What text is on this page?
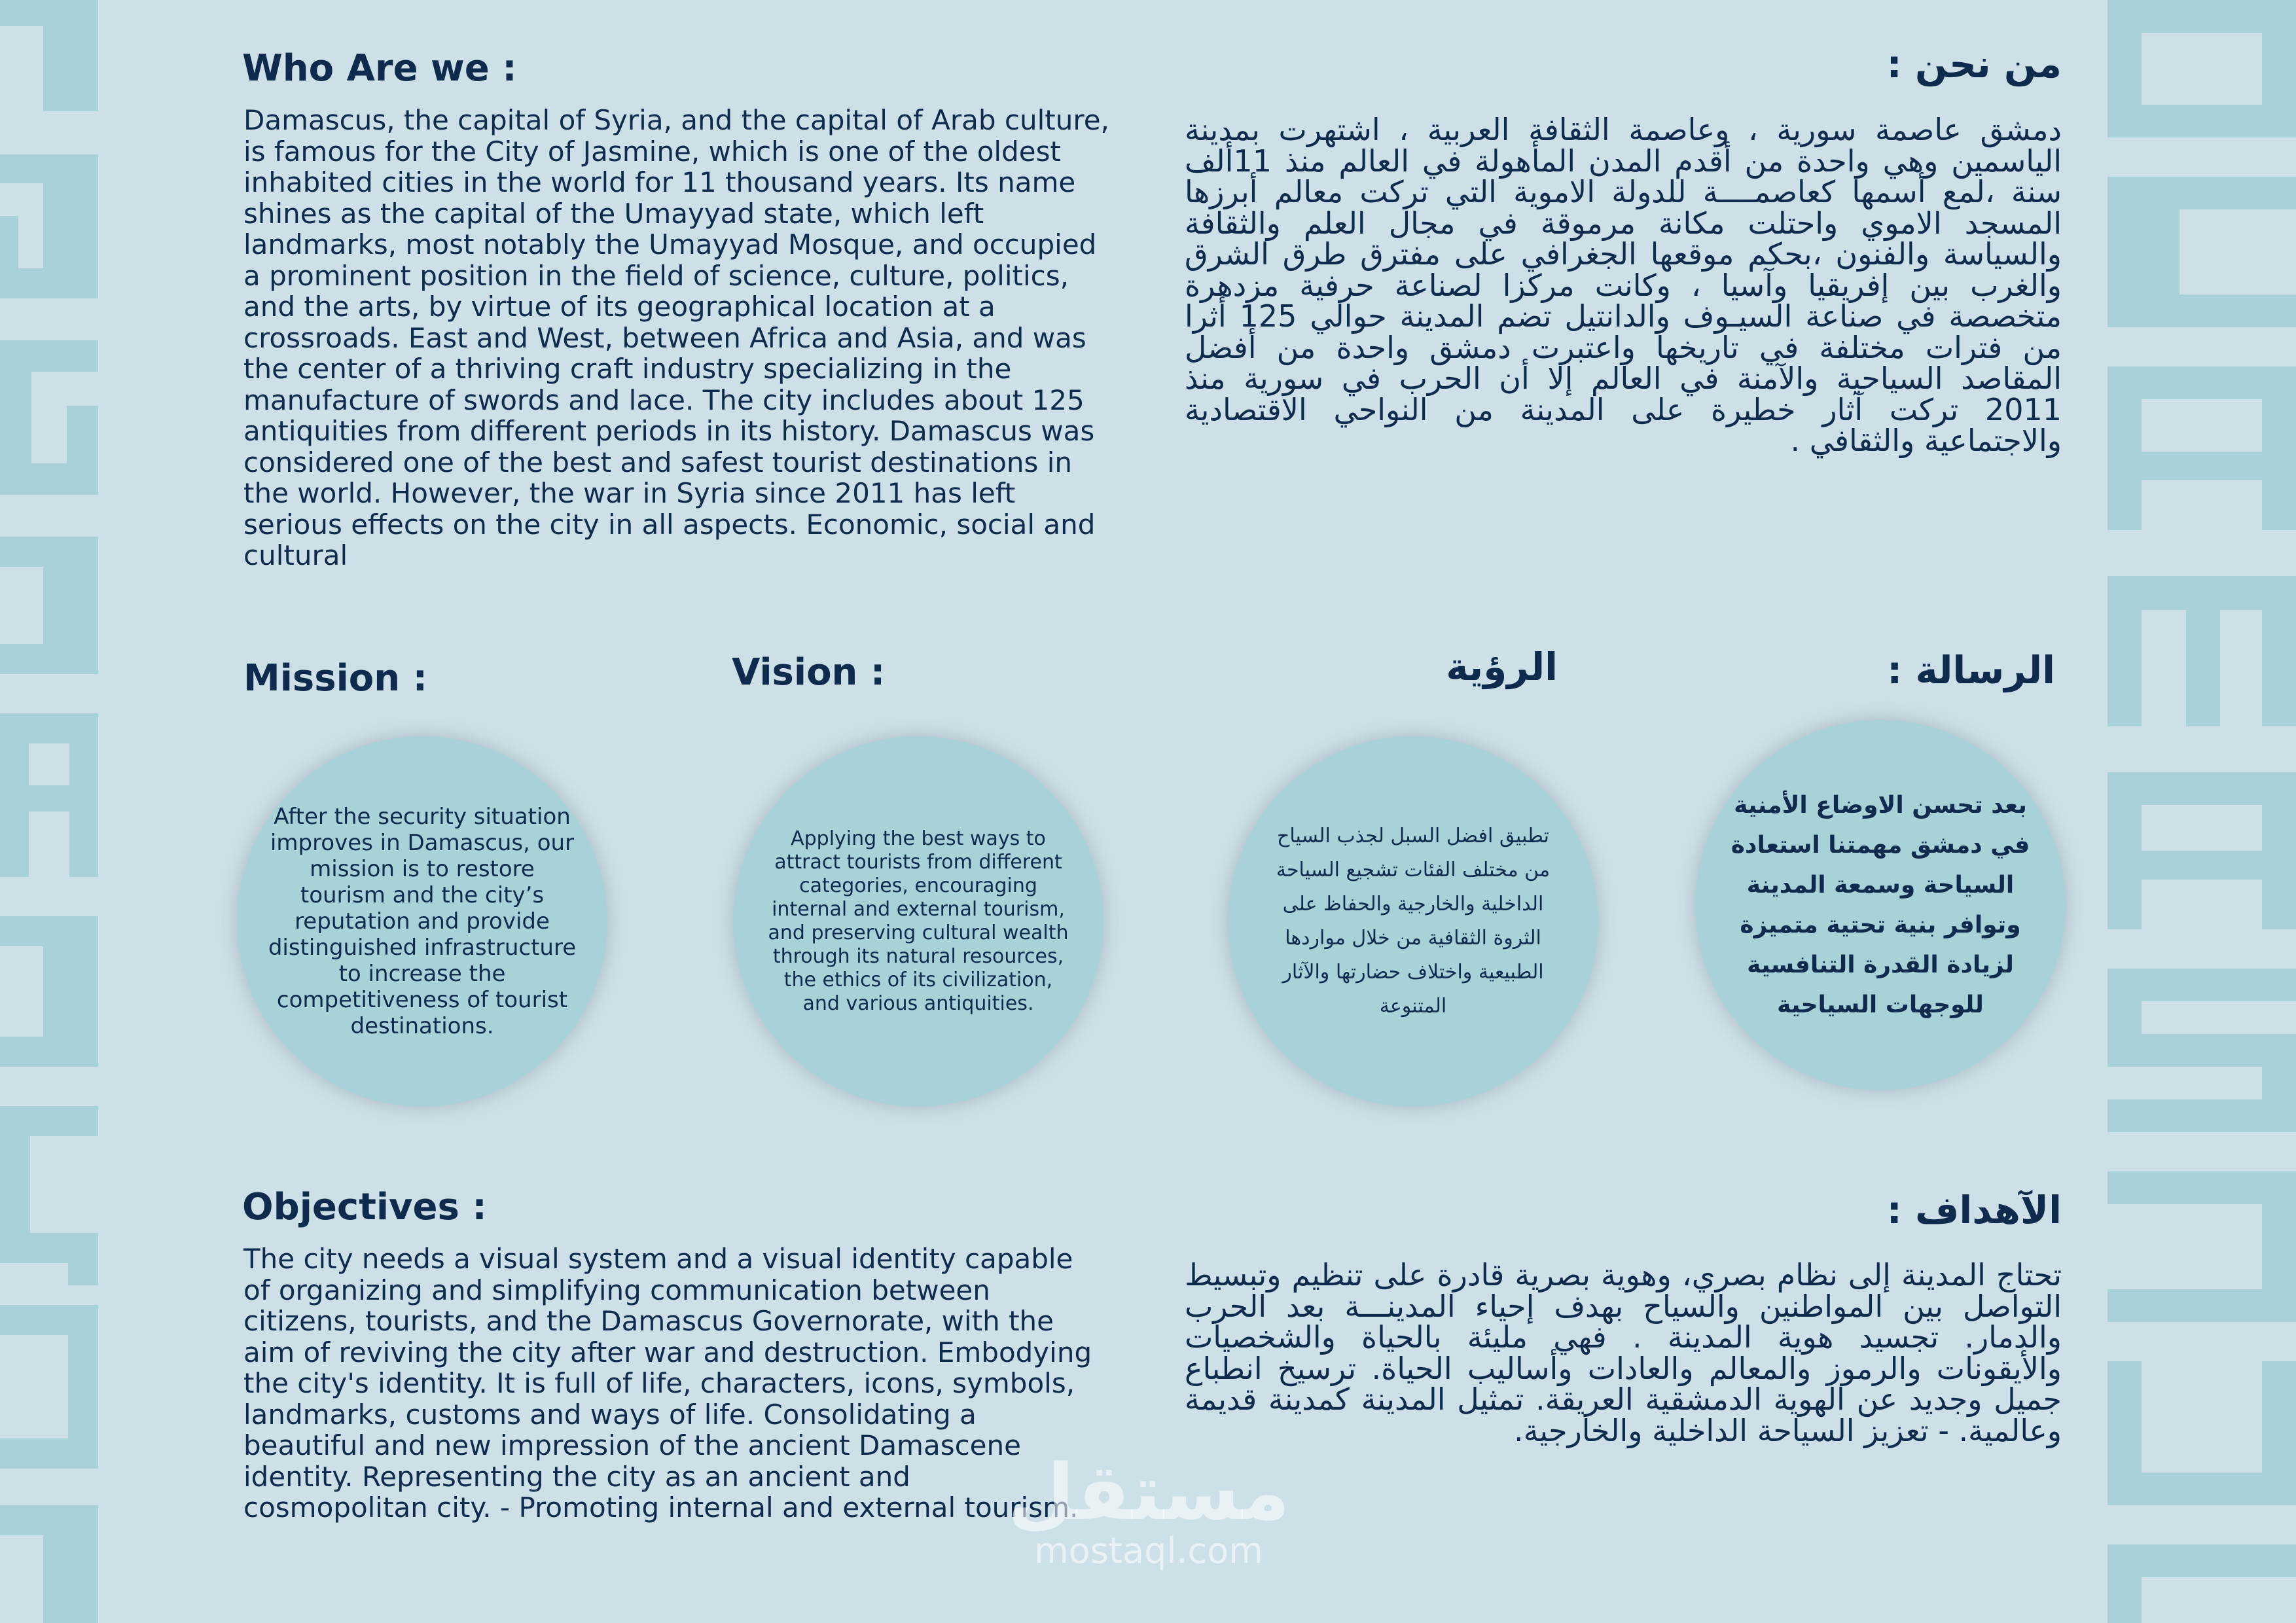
Who Are we :
Damascus, the capital of Syria, and the capital of Arab culture, is famous for the City of Jasmine, which is one of the oldest inhabited cities in the world for 11 thousand years. Its name shines as the capital of the Umayyad state, which left landmarks, most notably the Umayyad Mosque, and occupied a prominent position in the field of science, culture, politics, and the arts, by virtue of its geographical location at a crossroads. East and West, between Africa and Asia, and was the center of a thriving craft industry specializing in the manufacture of swords and lace. The city includes about 125 antiquities from different periods in its history. Damascus was considered one of the best and safest tourist destinations in the world. However, the war in Syria since 2011 has left serious effects on the city in all aspects. Economic, social and cultural
من نحن :
دمشق عاصمة سورية ، وعاصمة الثقافة العربية ، اشتهرت بمدينة الياسمين وهي واحدة من أقدم المدن المأهولة في العالم منذ 11ألف سنة ،لمع أسمها كعاصمــــة للدولة الاموية التي تركت معالم أبرزها المسجد الاموي واحتلت مكانة مرموقة في مجال العلم والثقافة والسياسة والفنون ،بحكم موقعها الجغرافي على مفترق طرق الشرق والغرب بين إفريقيا وآسيا ، وكانت مركزا لصناعة حرفية مزدهرة متخصصة في صناعة السيـوف والدانتيل تضم المدينة حوالي 125 أثرا من فترات مختلفة في تاريخها واعتبرت دمشق واحدة من أفضل المقاصد السياحية والآمنة في العالم إلا أن الحرب في سورية منذ 2011 تركت آثار خطيرة على المدينة من النواحي الاقتصادية والاجتماعية والثقافي .
Mission :	Vision :	الرؤية	الرسالة :
After the security situation improves in Damascus, our mission is to restore tourism and the city’s reputation and provide distinguished infrastructure to increase the competitiveness of tourist destinations.
Applying the best ways to attract tourists from different categories, encouraging internal and external tourism, and preserving cultural wealth through its natural resources, the ethics of its civilization, and various antiquities.
تطبيق افضل السبل لجذب السياح من مختلف الفئات تشجيع السياحة الداخلية والخارجية والحفاظ على الثروة الثقافية من خلال مواردها الطبيعية واختلاف حضارتها والآثار المتنوعة
بعد تحسن الاوضاع الأمنية في دمشق مهمتنا استعادة السياحة وسمعة المدينة وتوافر بنية تحتية متميزة لزيادة القدرة التنافسية للوجهات السياحية
Objectives :
The city needs a visual system and a visual identity capable of organizing and simplifying communication between citizens, tourists, and the Damascus Governorate, with the aim of reviving the city after war and destruction. Embodying the city's identity. It is full of life, characters, icons, symbols, landmarks, customs and ways of life. Consolidating a beautiful and new impression of the ancient Damascene identity. Representing the city as an ancient and cosmopolitan city. - Promoting internal and external tourism.
الآهداف :
تحتاج المدينة إلى نظام بصري، وهوية بصرية قادرة على تنظيم وتبسيط التواصل بين المواطنين والسياح بهدف إحياء المدينـــة بعد الحرب والدمار. تجسيد هوية المدينة . فهي مليئة بالحياة والشخصيات والأيقونات والرموز والمعالم والعادات وأساليب الحياة. ترسيخ انطباع جميل وجديد عن الهوية الدمشقية العريقة. تمثيل المدينة كمدينة قديمة وعالمية. - تعزيز السياحة الداخلية والخارجية.
مستقل
mostaql.com
